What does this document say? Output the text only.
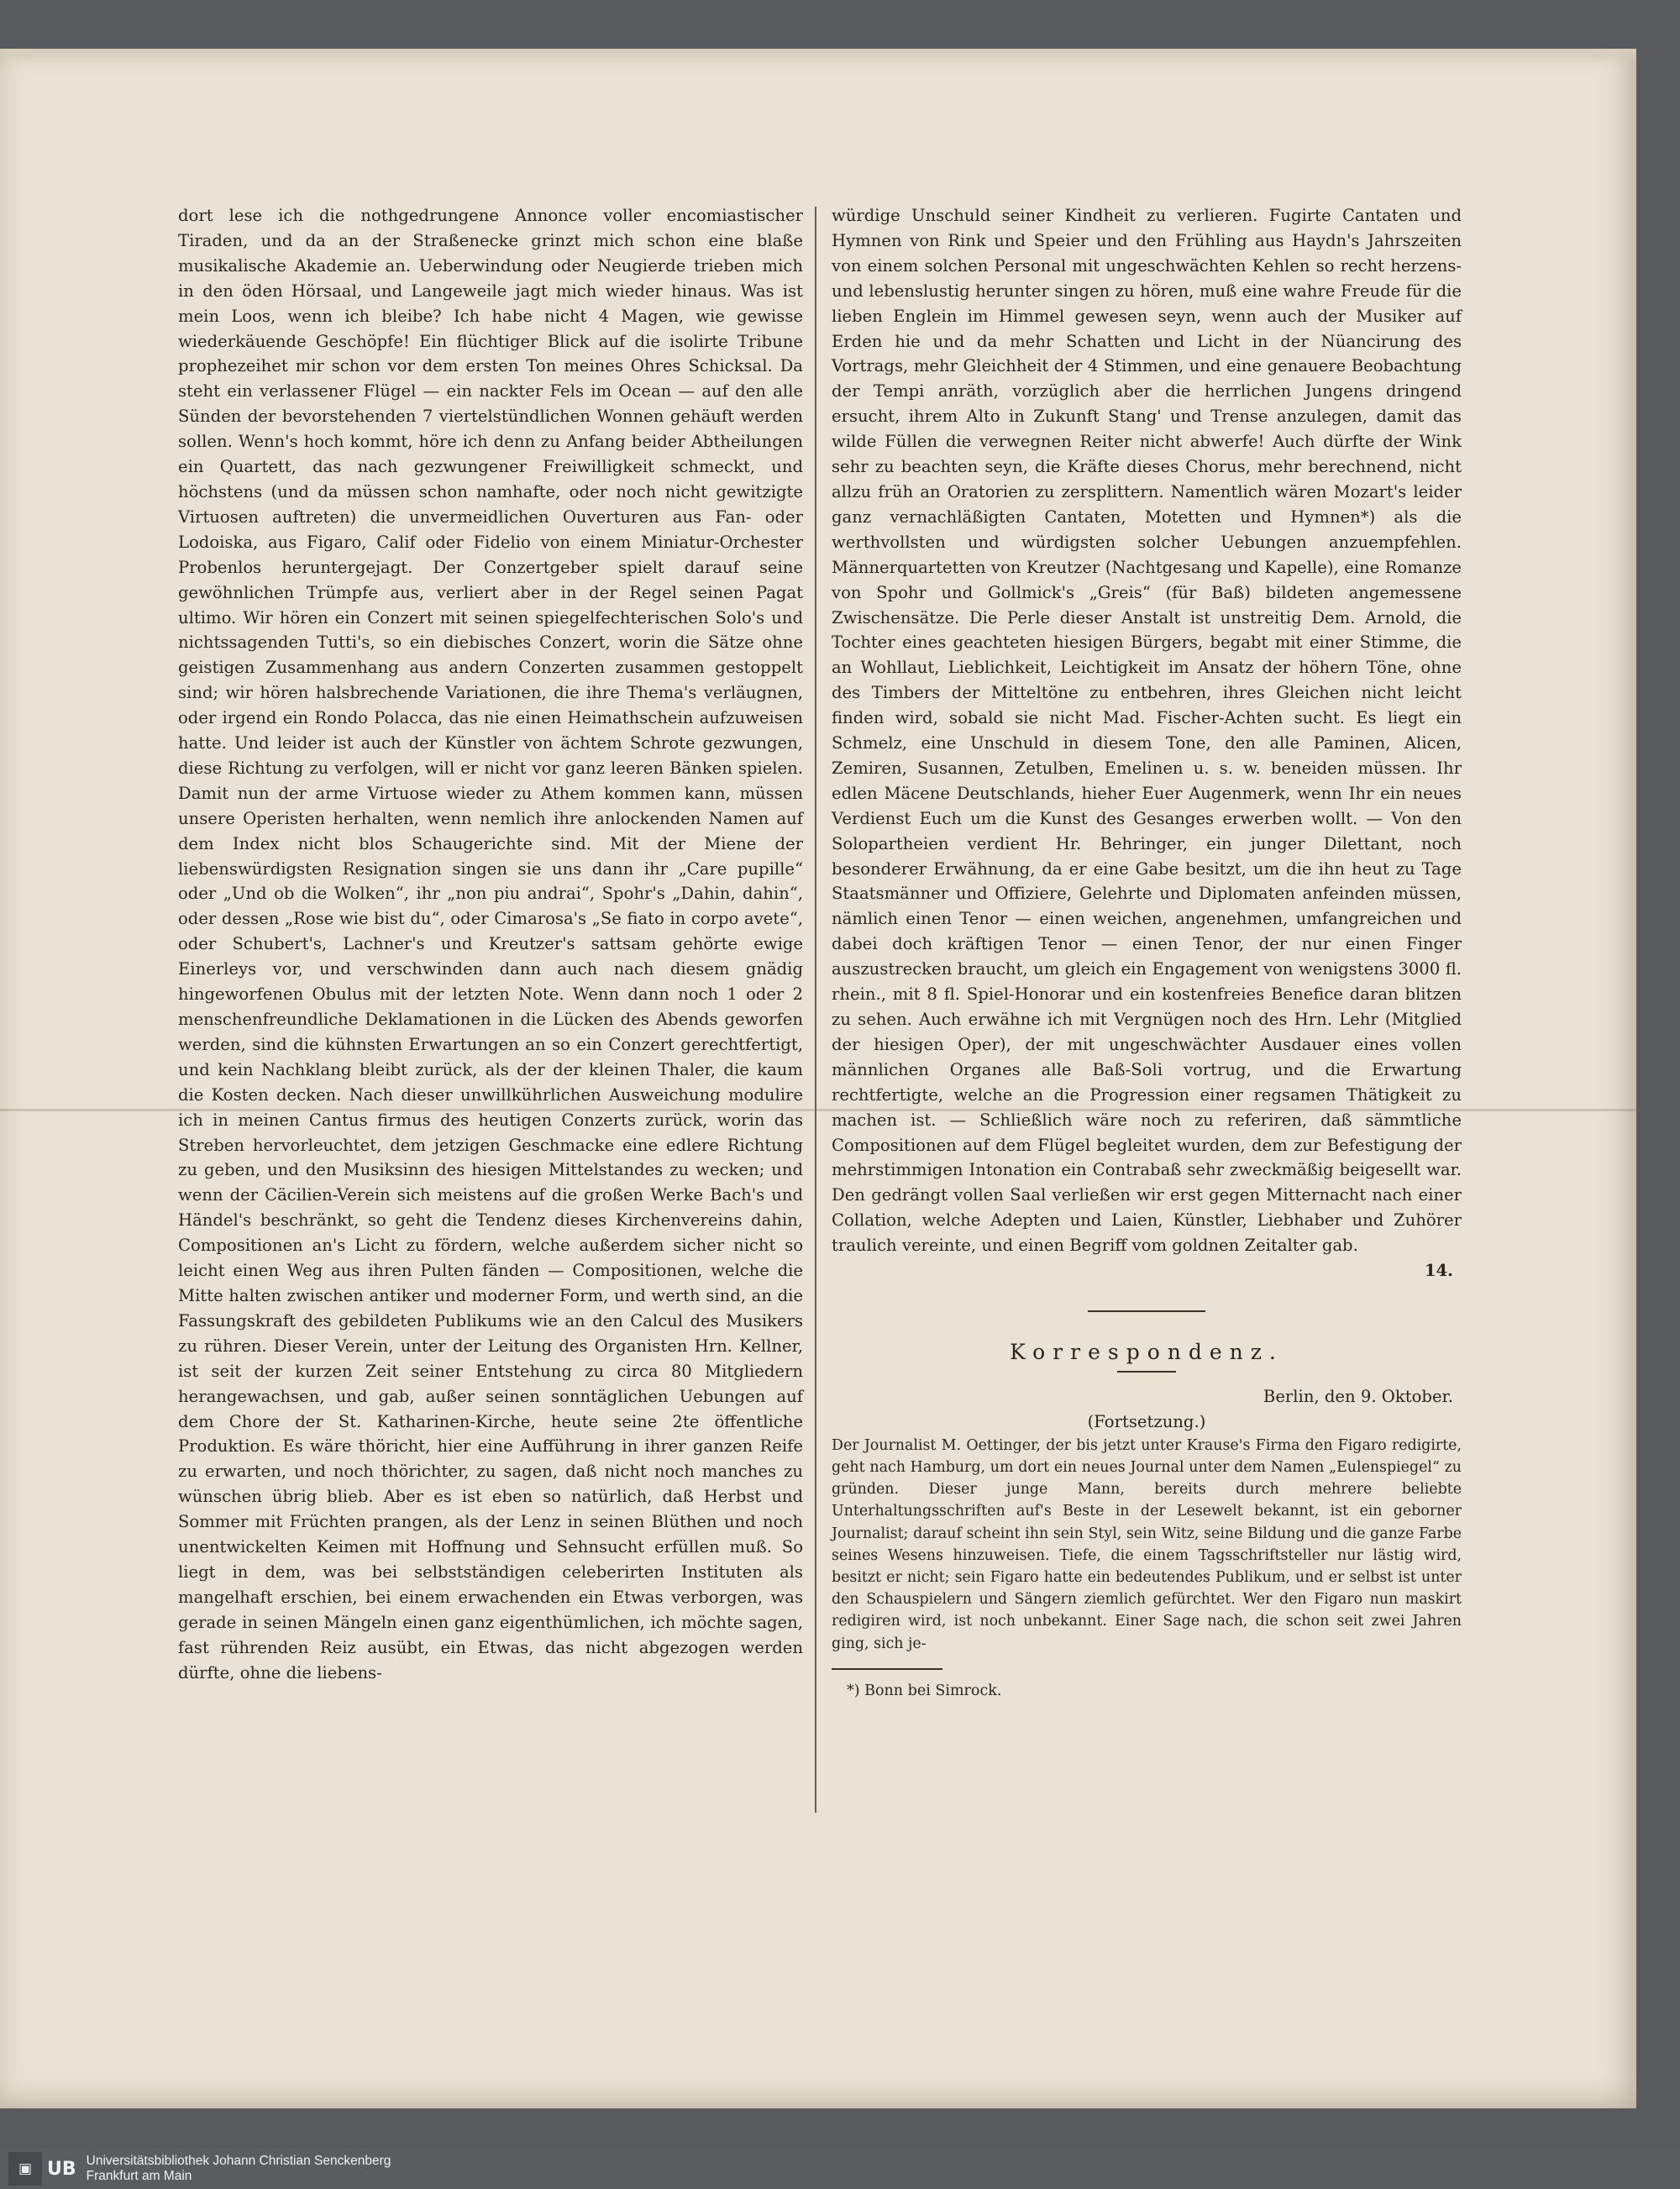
dort lese ich die nothgedrungene Annonce voller encomiastischer Tiraden, und da an der Straßenecke grinzt mich schon eine blaße musikalische Akademie an. Ueberwindung oder Neugierde trieben mich in den öden Hörsaal, und Langeweile jagt mich wieder hinaus. Was ist mein Loos, wenn ich bleibe? Ich habe nicht 4 Magen, wie gewisse wiederkäuende Geschöpfe! Ein flüchtiger Blick auf die isolirte Tribune prophezeihet mir schon vor dem ersten Ton meines Ohres Schicksal. Da steht ein verlassener Flügel — ein nackter Fels im Ocean — auf den alle Sünden der bevorstehenden 7 viertelstündlichen Wonnen gehäuft werden sollen. Wenn's hoch kommt, höre ich denn zu Anfang beider Abtheilungen ein Quartett, das nach gezwungener Freiwilligkeit schmeckt, und höchstens (und da müssen schon namhafte, oder noch nicht gewitzigte Virtuosen auftreten) die unvermeidlichen Ouverturen aus Fan- oder Lodoiska, aus Figaro, Calif oder Fidelio von einem Miniatur-Orchester Probenlos heruntergejagt. Der Conzertgeber spielt darauf seine gewöhnlichen Trümpfe aus, verliert aber in der Regel seinen Pagat ultimo. Wir hören ein Conzert mit seinen spiegelfechterischen Solo's und nichtssagenden Tutti's, so ein diebisches Conzert, worin die Sätze ohne geistigen Zusammenhang aus andern Conzerten zusammen gestoppelt sind; wir hören halsbrechende Variationen, die ihre Thema's verläugnen, oder irgend ein Rondo Polacca, das nie einen Heimathschein aufzuweisen hatte. Und leider ist auch der Künstler von ächtem Schrote gezwungen, diese Richtung zu verfolgen, will er nicht vor ganz leeren Bänken spielen. Damit nun der arme Virtuose wieder zu Athem kommen kann, müssen unsere Operisten herhalten, wenn nemlich ihre anlockenden Namen auf dem Index nicht blos Schaugerichte sind. Mit der Miene der liebenswürdigsten Resignation singen sie uns dann ihr „Care pupille“ oder „Und ob die Wolken“, ihr „non piu andrai“, Spohr's „Dahin, dahin“, oder dessen „Rose wie bist du“, oder Cimarosa's „Se fiato in corpo avete“, oder Schubert's, Lachner's und Kreutzer's sattsam gehörte ewige Einerleys vor, und verschwinden dann auch nach diesem gnädig hingeworfenen Obulus mit der letzten Note. Wenn dann noch 1 oder 2 menschenfreundliche Deklamationen in die Lücken des Abends geworfen werden, sind die kühnsten Erwartungen an so ein Conzert gerechtfertigt, und kein Nachklang bleibt zurück, als der der kleinen Thaler, die kaum die Kosten decken. Nach dieser unwillkührlichen Ausweichung modulire ich in meinen Cantus firmus des heutigen Conzerts zurück, worin das Streben hervorleuchtet, dem jetzigen Geschmacke eine edlere Richtung zu geben, und den Musiksinn des hiesigen Mittelstandes zu wecken; und wenn der Cäcilien-Verein sich meistens auf die großen Werke Bach's und Händel's beschränkt, so geht die Tendenz dieses Kirchenvereins dahin, Compositionen an's Licht zu fördern, welche außerdem sicher nicht so leicht einen Weg aus ihren Pulten fänden — Compositionen, welche die Mitte halten zwischen antiker und moderner Form, und werth sind, an die Fassungskraft des gebildeten Publikums wie an den Calcul des Musikers zu rühren. Dieser Verein, unter der Leitung des Organisten Hrn. Kellner, ist seit der kurzen Zeit seiner Entstehung zu circa 80 Mitgliedern herangewachsen, und gab, außer seinen sonntäglichen Uebungen auf dem Chore der St. Katharinen-Kirche, heute seine 2te öffentliche Produktion. Es wäre thöricht, hier eine Aufführung in ihrer ganzen Reife zu erwarten, und noch thörichter, zu sagen, daß nicht noch manches zu wünschen übrig blieb. Aber es ist eben so natürlich, daß Herbst und Sommer mit Früchten prangen, als der Lenz in seinen Blüthen und noch unentwickelten Keimen mit Hoffnung und Sehnsucht erfüllen muß. So liegt in dem, was bei selbstständigen celeberirten Instituten als mangelhaft erschien, bei einem erwachenden ein Etwas verborgen, was gerade in seinen Mängeln einen ganz eigenthümlichen, ich möchte sagen, fast rührenden Reiz ausübt, ein Etwas, das nicht abgezogen werden dürfte, ohne die liebens-

würdige Unschuld seiner Kindheit zu verlieren. Fugirte Cantaten und Hymnen von Rink und Speier und den Frühling aus Haydn's Jahrszeiten von einem solchen Personal mit ungeschwächten Kehlen so recht herzens- und lebenslustig herunter singen zu hören, muß eine wahre Freude für die lieben Englein im Himmel gewesen seyn, wenn auch der Musiker auf Erden hie und da mehr Schatten und Licht in der Nüancirung des Vortrags, mehr Gleichheit der 4 Stimmen, und eine genauere Beobachtung der Tempi anräth, vorzüglich aber die herrlichen Jungens dringend ersucht, ihrem Alto in Zukunft Stang' und Trense anzulegen, damit das wilde Füllen die verwegnen Reiter nicht abwerfe! Auch dürfte der Wink sehr zu beachten seyn, die Kräfte dieses Chorus, mehr berechnend, nicht allzu früh an Oratorien zu zersplittern. Namentlich wären Mozart's leider ganz vernachläßigten Cantaten, Motetten und Hymnen*) als die werthvollsten und würdigsten solcher Uebungen anzuempfehlen. Männerquartetten von Kreutzer (Nachtgesang und Kapelle), eine Romanze von Spohr und Gollmick's „Greis“ (für Baß) bildeten angemessene Zwischensätze. Die Perle dieser Anstalt ist unstreitig Dem. Arnold, die Tochter eines geachteten hiesigen Bürgers, begabt mit einer Stimme, die an Wohllaut, Lieblichkeit, Leichtigkeit im Ansatz der höhern Töne, ohne des Timbers der Mitteltöne zu entbehren, ihres Gleichen nicht leicht finden wird, sobald sie nicht Mad. Fischer-Achten sucht. Es liegt ein Schmelz, eine Unschuld in diesem Tone, den alle Paminen, Alicen, Zemiren, Susannen, Zetulben, Emelinen u. s. w. beneiden müssen. Ihr edlen Mäcene Deutschlands, hieher Euer Augenmerk, wenn Ihr ein neues Verdienst Euch um die Kunst des Gesanges erwerben wollt. — Von den Solopartheien verdient Hr. Behringer, ein junger Dilettant, noch besonderer Erwähnung, da er eine Gabe besitzt, um die ihn heut zu Tage Staatsmänner und Offiziere, Gelehrte und Diplomaten anfeinden müssen, nämlich einen Tenor — einen weichen, angenehmen, umfangreichen und dabei doch kräftigen Tenor — einen Tenor, der nur einen Finger auszustrecken braucht, um gleich ein Engagement von wenigstens 3000 fl. rhein., mit 8 fl. Spiel-Honorar und ein kostenfreies Benefice daran blitzen zu sehen. Auch erwähne ich mit Vergnügen noch des Hrn. Lehr (Mitglied der hiesigen Oper), der mit ungeschwächter Ausdauer eines vollen männlichen Organes alle Baß-Soli vortrug, und die Erwartung rechtfertigte, welche an die Progression einer regsamen Thätigkeit zu machen ist. — Schließlich wäre noch zu referiren, daß sämmtliche Compositionen auf dem Flügel begleitet wurden, dem zur Befestigung der mehrstimmigen Intonation ein Contrabaß sehr zweckmäßig beigesellt war. Den gedrängt vollen Saal verließen wir erst gegen Mitternacht nach einer Collation, welche Adepten und Laien, Künstler, Liebhaber und Zuhörer traulich vereinte, und einen Begriff vom goldnen Zeitalter gab.

14.

Korrespondenz.

Berlin, den 9. Oktober.

(Fortsetzung.)

Der Journalist M. Oettinger, der bis jetzt unter Krause's Firma den Figaro redigirte, geht nach Hamburg, um dort ein neues Journal unter dem Namen „Eulenspiegel“ zu gründen. Dieser junge Mann, bereits durch mehrere beliebte Unterhaltungsschriften auf's Beste in der Lesewelt bekannt, ist ein geborner Journalist; darauf scheint ihn sein Styl, sein Witz, seine Bildung und die ganze Farbe seines Wesens hinzuweisen. Tiefe, die einem Tagsschriftsteller nur lästig wird, besitzt er nicht; sein Figaro hatte ein bedeutendes Publikum, und er selbst ist unter den Schauspielern und Sängern ziemlich gefürchtet. Wer den Figaro nun maskirt redigiren wird, ist noch unbekannt. Einer Sage nach, die schon seit zwei Jahren ging, sich je-

*) Bonn bei Simrock.

▣ UB Universitätsbibliothek Johann Christian Senckenberg
Frankfurt am Main
